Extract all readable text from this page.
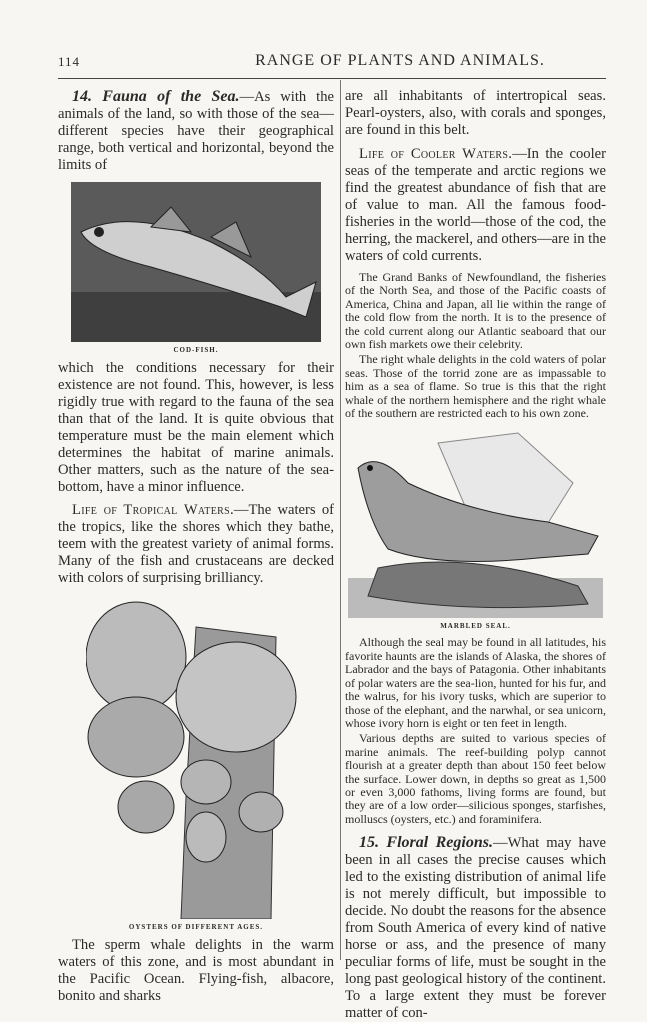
114	RANGE OF PLANTS AND ANIMALS.

14. Fauna of the Sea.—As with the animals of the land, so with those of the sea—different species have their geographical range, both vertical and horizontal, beyond the limits of

COD-FISH.

which the conditions necessary for their existence are not found. This, however, is less rigidly true with regard to the fauna of the sea than that of the land. It is quite obvious that temperature must be the main element which determines the habitat of marine animals. Other matters, such as the nature of the sea-bottom, have a minor influence.

Life of Tropical Waters.—The waters of the tropics, like the shores which they bathe, teem with the greatest variety of animal forms. Many of the fish and crustaceans are decked with colors of surprising brilliancy.

OYSTERS OF DIFFERENT AGES.

The sperm whale delights in the warm waters of this zone, and is most abundant in the Pacific Ocean. Flying-fish, albacore, bonito and sharks

are all inhabitants of intertropical seas. Pearl-oysters, also, with corals and sponges, are found in this belt.

Life of Cooler Waters.—In the cooler seas of the temperate and arctic regions we find the greatest abundance of fish that are of value to man. All the famous food-fisheries in the world—those of the cod, the herring, the mackerel, and others—are in the waters of cold currents.

The Grand Banks of Newfoundland, the fisheries of the North Sea, and those of the Pacific coasts of America, China and Japan, all lie within the range of the cold flow from the north. It is to the presence of the cold current along our Atlantic seaboard that our own fish markets owe their celebrity.

The right whale delights in the cold waters of polar seas. Those of the torrid zone are as impassable to him as a sea of flame. So true is this that the right whale of the northern hemisphere and the right whale of the southern are restricted each to his own zone.

MARBLED SEAL.

Although the seal may be found in all latitudes, his favorite haunts are the islands of Alaska, the shores of Labrador and the bays of Patagonia. Other inhabitants of polar waters are the sea-lion, hunted for his fur, and the walrus, for his ivory tusks, which are superior to those of the elephant, and the narwhal, or sea unicorn, whose ivory horn is eight or ten feet in length.

Various depths are suited to various species of marine animals. The reef-building polyp cannot flourish at a greater depth than about 150 feet below the surface. Lower down, in depths so great as 1,500 or even 3,000 fathoms, living forms are found, but they are of a low order—silicious sponges, starfishes, molluscs (oysters, etc.) and foraminifera.

15. Floral Regions.—What may have been in all cases the precise causes which led to the existing distribution of animal life is not merely difficult, but impossible to decide. No doubt the reasons for the absence from South America of every kind of native horse or ass, and the presence of many peculiar forms of life, must be sought in the long past geological history of the continent. To a large extent they must be forever matter of con-
